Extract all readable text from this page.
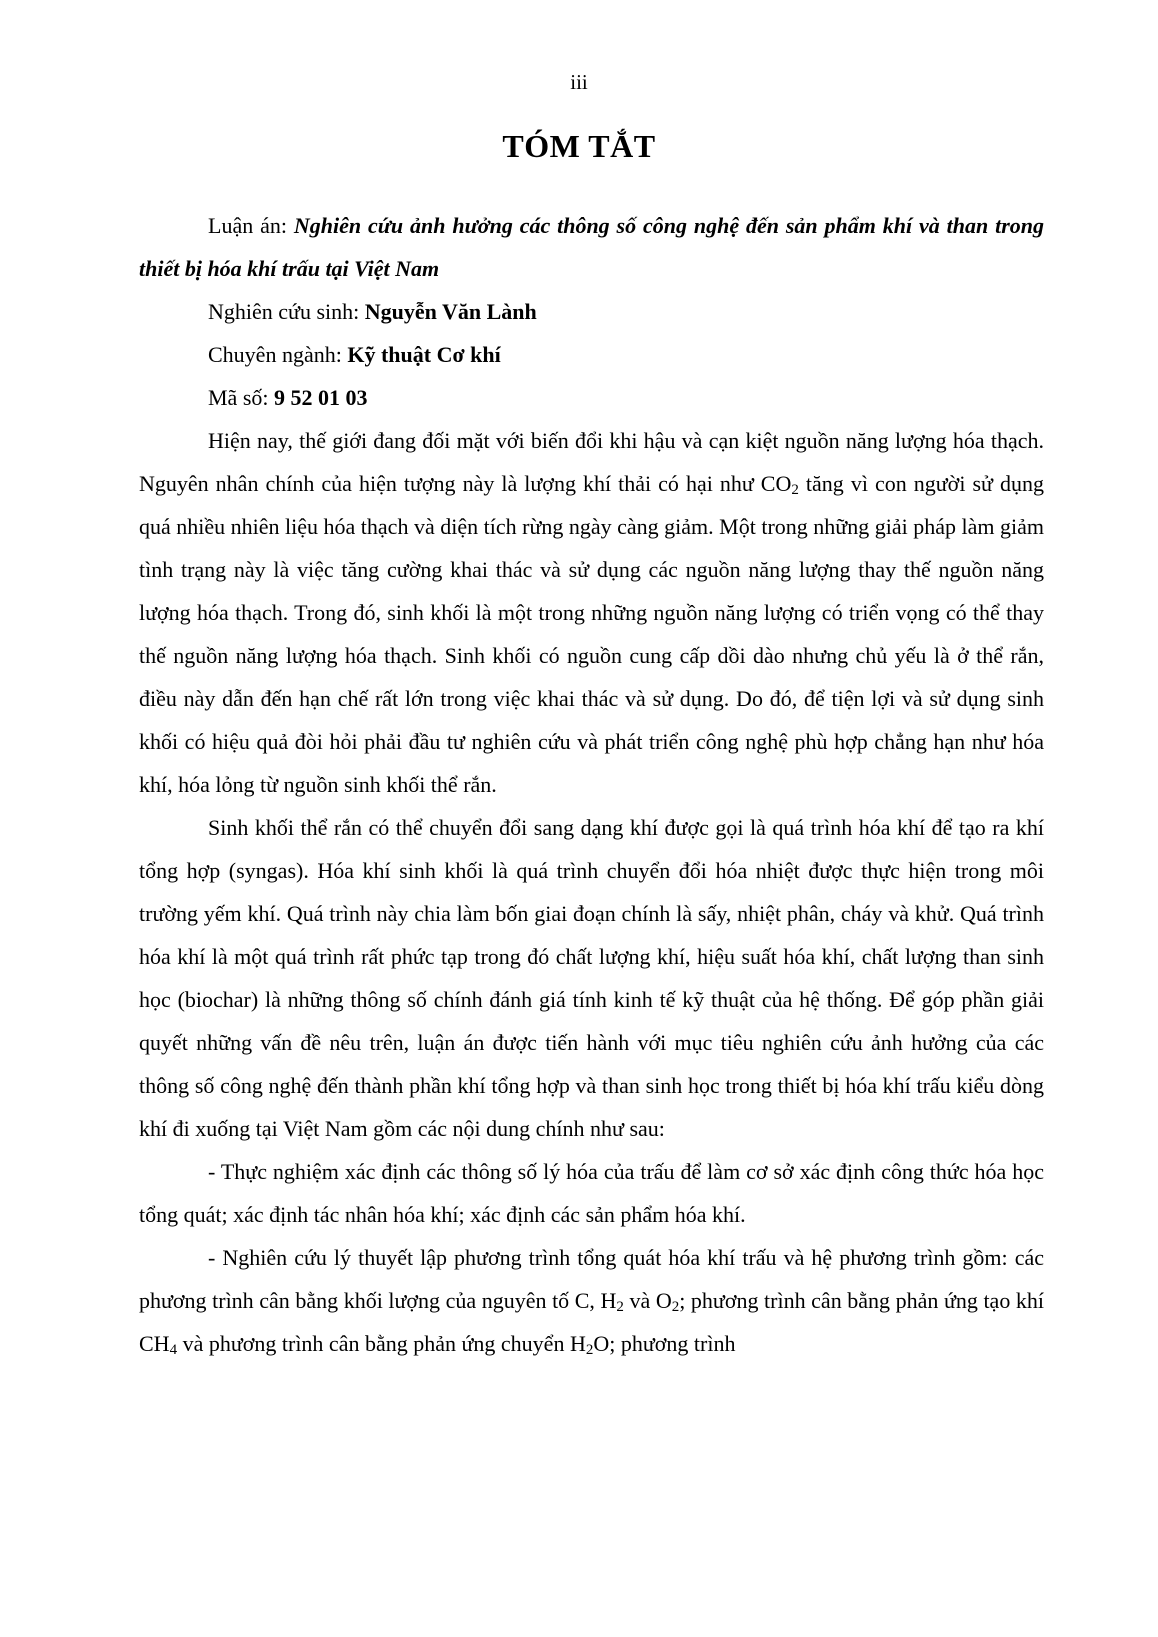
iii
TÓM TẮT

Luận án: Nghiên cứu ảnh hưởng các thông số công nghệ đến sản phẩm khí và than trong thiết bị hóa khí trấu tại Việt Nam

Nghiên cứu sinh: Nguyễn Văn Lành

Chuyên ngành: Kỹ thuật Cơ khí

Mã số: 9 52 01 03

Hiện nay, thế giới đang đối mặt với biến đổi khi hậu và cạn kiệt nguồn năng lượng hóa thạch. Nguyên nhân chính của hiện tượng này là lượng khí thải có hại như $CO_2$ tăng vì con người sử dụng quá nhiều nhiên liệu hóa thạch và diện tích rừng ngày càng giảm. Một trong những giải pháp làm giảm tình trạng này là việc tăng cường khai thác và sử dụng các nguồn năng lượng thay thế nguồn năng lượng hóa thạch. Trong đó, sinh khối là một trong những nguồn năng lượng có triển vọng có thể thay thế nguồn năng lượng hóa thạch. Sinh khối có nguồn cung cấp dồi dào nhưng chủ yếu là ở thể rắn, điều này dẫn đến hạn chế rất lớn trong việc khai thác và sử dụng. Do đó, để tiện lợi và sử dụng sinh khối có hiệu quả đòi hỏi phải đầu tư nghiên cứu và phát triển công nghệ phù hợp chẳng hạn như hóa khí, hóa lỏng từ nguồn sinh khối thể rắn.

Sinh khối thể rắn có thể chuyển đổi sang dạng khí được gọi là quá trình hóa khí để tạo ra khí tổng hợp (syngas). Hóa khí sinh khối là quá trình chuyển đổi hóa nhiệt được thực hiện trong môi trường yếm khí. Quá trình này chia làm bốn giai đoạn chính là sấy, nhiệt phân, cháy và khử. Quá trình hóa khí là một quá trình rất phức tạp trong đó chất lượng khí, hiệu suất hóa khí, chất lượng than sinh học (biochar) là những thông số chính đánh giá tính kinh tế kỹ thuật của hệ thống. Để góp phần giải quyết những vấn đề nêu trên, luận án được tiến hành với mục tiêu nghiên cứu ảnh hưởng của các thông số công nghệ đến thành phần khí tổng hợp và than sinh học trong thiết bị hóa khí trấu kiểu dòng khí đi xuống tại Việt Nam gồm các nội dung chính như sau:

- Thực nghiệm xác định các thông số lý hóa của trấu để làm cơ sở xác định công thức hóa học tổng quát; xác định tác nhân hóa khí; xác định các sản phẩm hóa khí.

- Nghiên cứu lý thuyết lập phương trình tổng quát hóa khí trấu và hệ phương trình gồm: các phương trình cân bằng khối lượng của nguyên tố C, $H_2$ và $O_2$; phương trình cân bằng phản ứng tạo khí $CH_4$ và phương trình cân bằng phản ứng chuyển $H_2O$; phương trình
